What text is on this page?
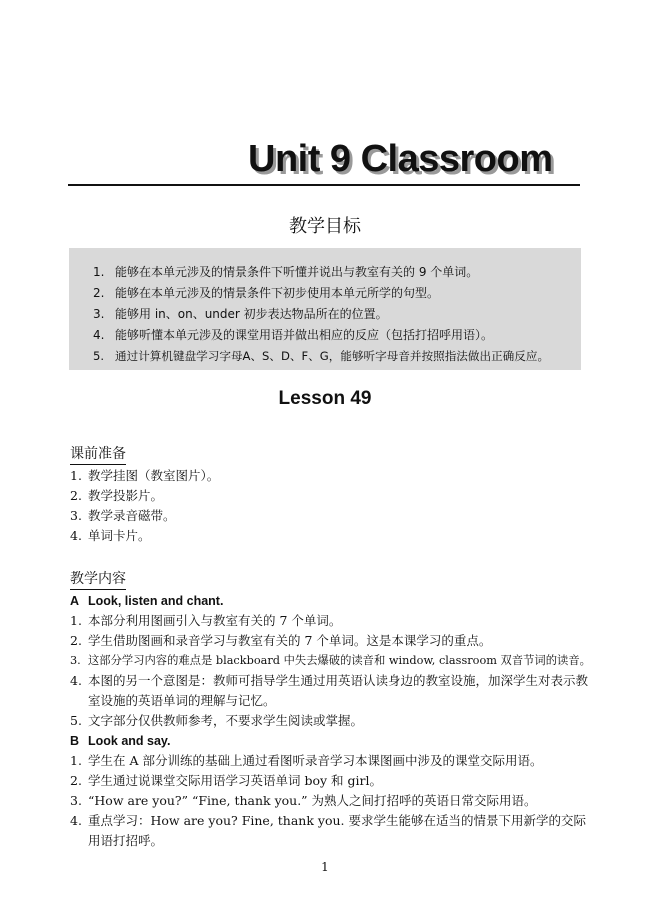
Unit 9 Classroom
教学目标
1. 能够在本单元涉及的情景条件下听懂并说出与教室有关的 9 个单词。
2. 能够在本单元涉及的情景条件下初步使用本单元所学的句型。
3. 能够用 in、on、under 初步表达物品所在的位置。
4. 能够听懂本单元涉及的课堂用语并做出相应的反应（包括打招呼用语）。
5. 通过计算机键盘学习字母A、S、D、F、G，能够听字母音并按照指法做出正确反应。
Lesson 49
课前准备
1. 教学挂图（教室图片）。
2. 教学投影片。
3. 教学录音磁带。
4. 单词卡片。
教学内容
A Look, listen and chant.
1. 本部分利用图画引入与教室有关的 7 个单词。
2. 学生借助图画和录音学习与教室有关的 7 个单词。这是本课学习的重点。
3. 这部分学习内容的难点是 blackboard 中失去爆破的读音和 window, classroom 双音节词的读音。
4. 本图的另一个意图是：教师可指导学生通过用英语认读身边的教室设施，加深学生对表示教室设施的英语单词的理解与记忆。
5. 文字部分仅供教师参考，不要求学生阅读或掌握。
B Look and say.
1. 学生在 A 部分训练的基础上通过看图听录音学习本课图画中涉及的课堂交际用语。
2. 学生通过说课堂交际用语学习英语单词 boy 和 girl。
3. “How are you?” “Fine, thank you.” 为熟人之间打招呼的英语日常交际用语。
4. 重点学习：How are you? Fine, thank you. 要求学生能够在适当的情景下用新学的交际用语打招呼。
1
